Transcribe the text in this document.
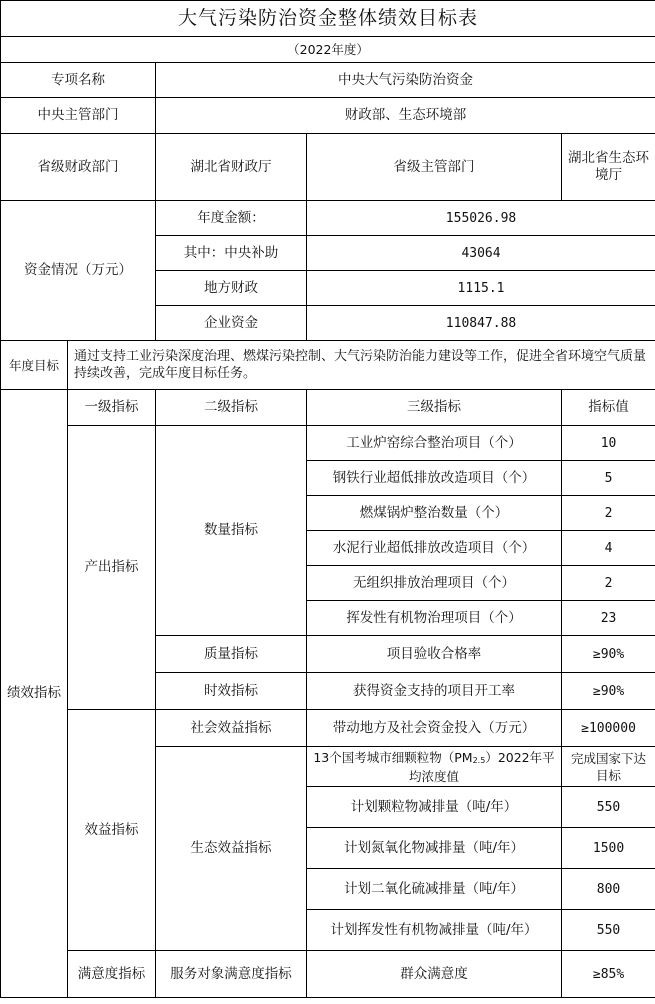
大气污染防治资金整体绩效目标表				
（2022年度）				
专项名称		中央大气污染防治资金		
中央主管部门		财政部、生态环境部		
省级财政部门		湖北省财政厅	省级主管部门	湖北省生态环境厅
资金情况（万元）		年度金额：	155026.98	
		其中：中央补助	43064	
		地方财政	1115.1	
		企业资金	110847.88	
年度目标	通过支持工业污染深度治理、燃煤污染控制、大气污染防治能力建设等工作，促进全省环境空气质量持续改善，完成年度目标任务。			
绩效指标	一级指标	二级指标	三级指标	指标值
	产出指标	数量指标	工业炉窑综合整治项目（个）	10
			钢铁行业超低排放改造项目（个）	5
			燃煤锅炉整治数量（个）	2
			水泥行业超低排放改造项目（个）	4
			无组织排放治理项目（个）	2
			挥发性有机物治理项目（个）	23
		质量指标	项目验收合格率	≥90%
		时效指标	获得资金支持的项目开工率	≥90%
	效益指标	社会效益指标	带动地方及社会资金投入（万元）	≥100000
		生态效益指标	13个国考城市细颗粒物（PM2.5）2022年平均浓度值	完成国家下达目标
			计划颗粒物减排量（吨/年）	550
			计划氮氧化物减排量（吨/年）	1500
			计划二氧化硫减排量（吨/年）	800
			计划挥发性有机物减排量（吨/年）	550
	满意度指标	服务对象满意度指标	群众满意度	≥85%
